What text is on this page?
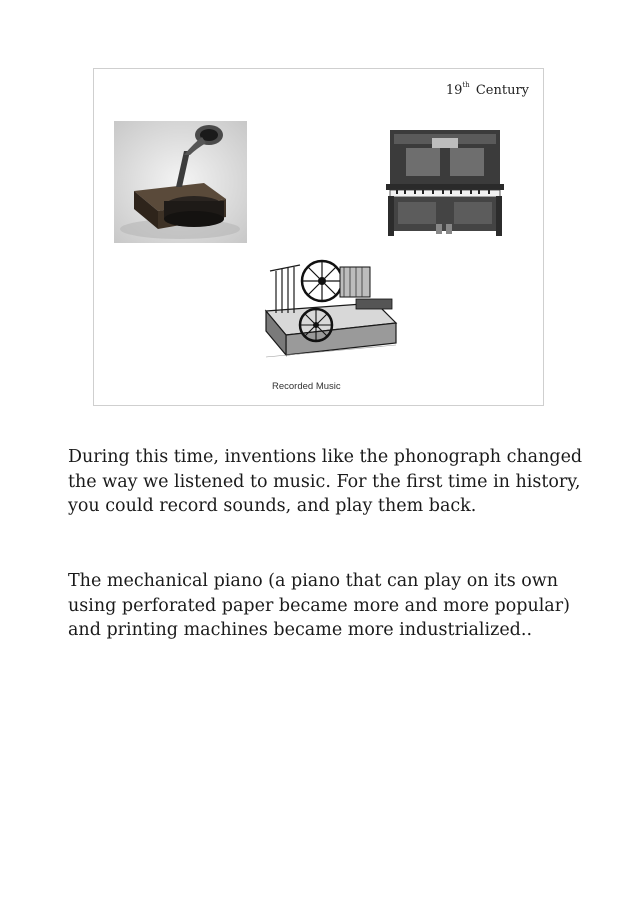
19th Century
Recorded Music

During this time, inventions like the phonograph changed the way we listened to music. For the first time in history, you could record sounds, and play them back.

The mechanical piano (a piano that can play on its own using perforated paper became more and more popular) and printing machines became more industrialized..
